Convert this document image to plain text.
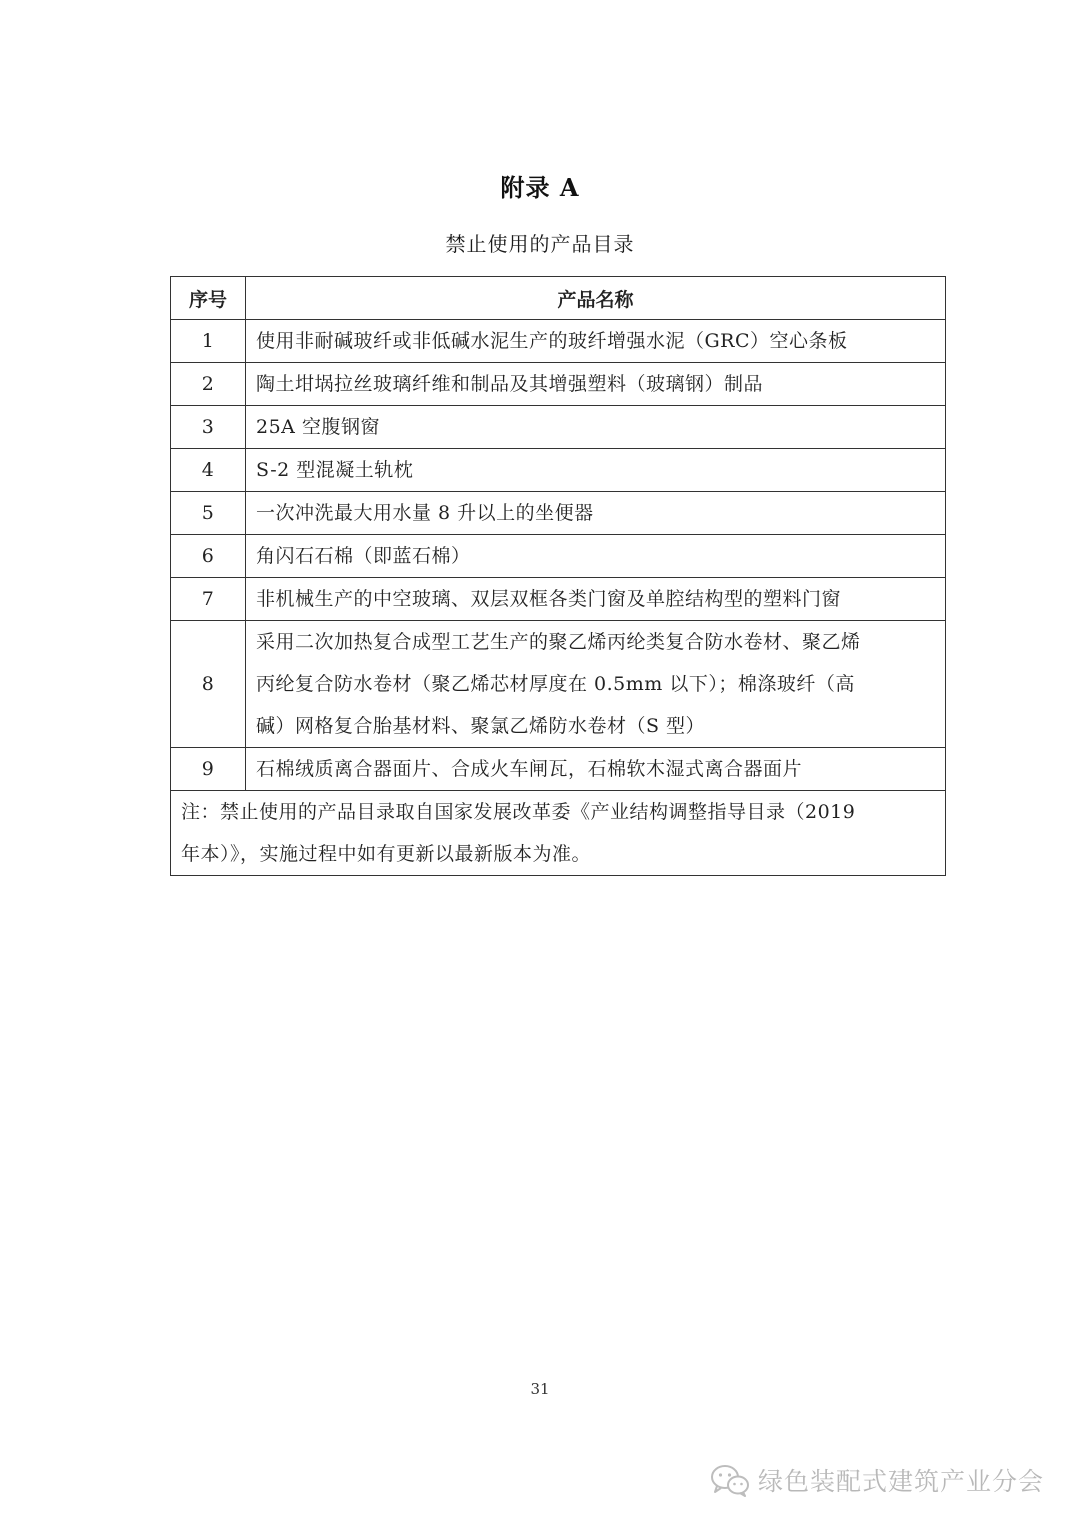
附录 A
禁止使用的产品目录
序号	产品名称
1	使用非耐碱玻纤或非低碱水泥生产的玻纤增强水泥（GRC）空心条板
2	陶土坩埚拉丝玻璃纤维和制品及其增强塑料（玻璃钢）制品
3	25A 空腹钢窗
4	S-2 型混凝土轨枕
5	一次冲洗最大用水量 8 升以上的坐便器
6	角闪石石棉（即蓝石棉）
7	非机械生产的中空玻璃、双层双框各类门窗及单腔结构型的塑料门窗
8	采用二次加热复合成型工艺生产的聚乙烯丙纶类复合防水卷材、聚乙烯
丙纶复合防水卷材（聚乙烯芯材厚度在 0.5mm 以下）；棉涤玻纤（高
碱）网格复合胎基材料、聚氯乙烯防水卷材（S 型）

9	石棉绒质离合器面片、合成火车闸瓦，石棉软木湿式离合器面片

注：禁止使用的产品目录取自国家发展改革委《产业结构调整指导目录（2019
年本）》，实施过程中如有更新以最新版本为准。	
31
绿色装配式建筑产业分会
